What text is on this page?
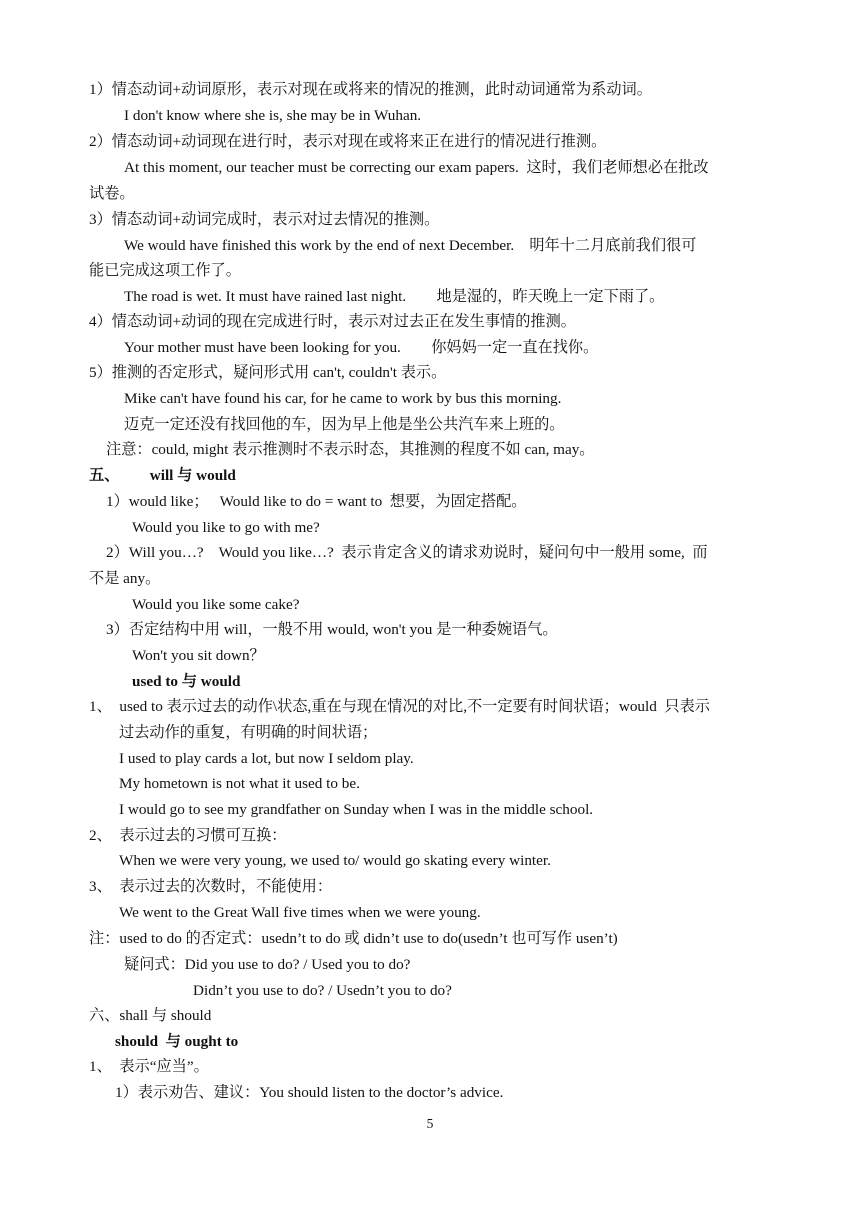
1）情态动词+动词原形，表示对现在或将来的情况的推测，此时动词通常为系动词。
I don't know where she is, she may be in Wuhan.
2）情态动词+动词现在进行时，表示对现在或将来正在进行的情况进行推测。
At this moment, our teacher must be correcting our exam papers.  这时，我们老师想必在批改
试卷。
3）情态动词+动词完成时，表示对过去情况的推测。
We would have finished this work by the end of next December.    明年十二月底前我们很可
能已完成这项工作了。
The road is wet. It must have rained last night.        地是湿的，昨天晚上一定下雨了。
4）情态动词+动词的现在完成进行时，表示对过去正在发生事情的推测。
Your mother must have been looking for you.        你妈妈一定一直在找你。
5）推测的否定形式，疑问形式用 can't, couldn't 表示。
Mike can't have found his car, for he came to work by bus this morning.
迈克一定还没有找回他的车，因为早上他是坐公共汽车来上班的。
注意：could, might 表示推测时不表示时态，其推测的程度不如 can, may。
五、        will 与 would
1）would like；   Would like to do = want to  想要，为固定搭配。
Would you like to go with me?
2）Will you…?    Would you like…?  表示肯定含义的请求劝说时，疑问句中一般用 some,  而
不是 any。
Would you like some cake?
3）否定结构中用 will，一般不用 would, won't you 是一种委婉语气。
Won't you sit down？
used to 与 would
1、  used to 表示过去的动作\状态,重在与现在情况的对比,不一定要有时间状语；would  只表示
过去动作的重复，有明确的时间状语；
I used to play cards a lot, but now I seldom play.
My hometown is not what it used to be.
I would go to see my grandfather on Sunday when I was in the middle school.
2、  表示过去的习惯可互换：
When we were very young, we used to/ would go skating every winter.
3、  表示过去的次数时，不能使用：
We went to the Great Wall five times when we were young.
注：used to do 的否定式：usedn’t to do 或 didn’t use to do(usedn’t 也可写作 usen’t)
疑问式：Did you use to do? / Used you to do?
Didn’t you use to do? / Usedn’t you to do?
六、shall 与 should
should  与 ought to
1、  表示“应当”。
1）表示劝告、建议：You should listen to the doctor’s advice.
5
